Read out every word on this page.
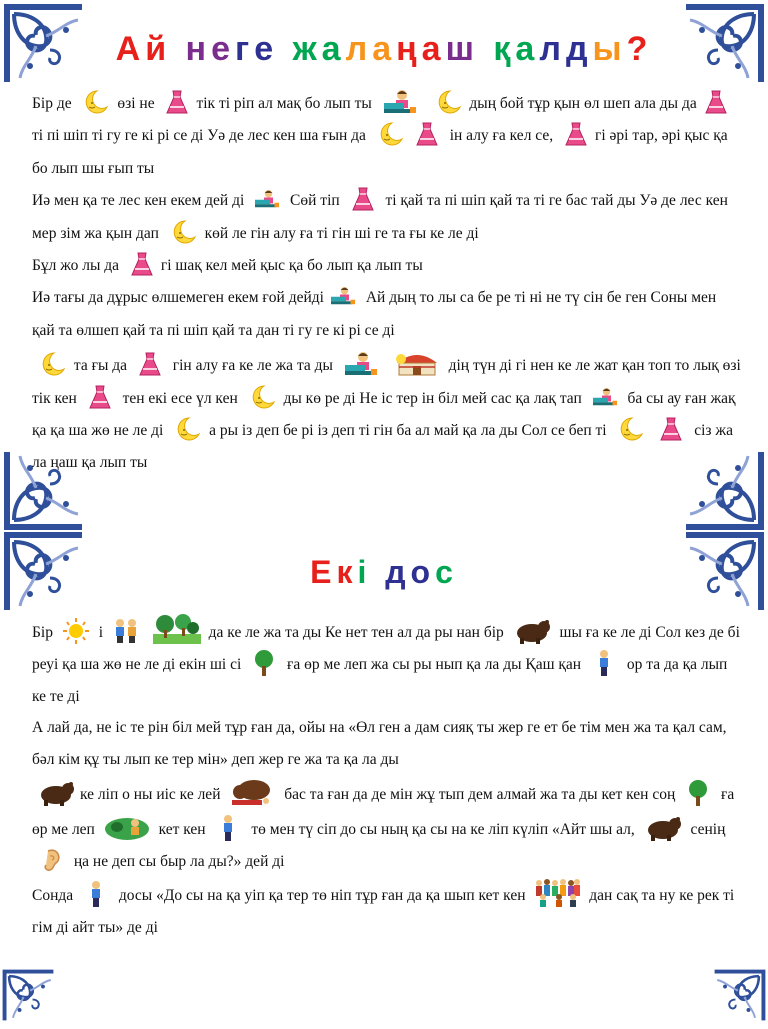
Ай неге жалаңаш қалды?

Бір де  өзі не тік ті ріп ал мақ бо лып ты	дың бой тұр қын өл шеп ала ды да ті пі шіп ті гу ге кі рі се ді Уә де лес кен ша ғын да	ін алу ға кел се, гі әрі тар, әрі қыс қа бо лып шы ғып ты

Иә мен қа те лес кен екем дей ді  Сөй тіп  ті қай та пі шіп қай та ті ге бас тай ды Уә де лес кен мер зім жа қын дап  көй ле гін алу ға ті гін ші ге та ғы ке ле ді

Бұл жо лы да гі шақ кел мей қыс қа бо лып қа лып ты

Иә тағы да дұрыс өлшемеген екем ғой дейді Ай дың то лы са бе ре ті ні не тү сін бе ген Соны мен қай та өлшеп қай та пі шіп қай та дан ті гу ге кі рі се ді

та ғы да  гін алу ға ке ле жа та ды	дің түн ді гі нен ке ле жат қан топ то лық өзі тік кен  тен екі есе үл кен  ды кө ре ді Не іс тер ін біл мей сас қа лақ тап  ба сы ау ған жақ қа қа ша жө не ле ді  а ры із деп бе рі із деп ті гін ба ал май қа ла ды Сол се беп ті	сіз жа ла ңаш қа лып ты

Екі дос

Бір  і	да ке ле жа та ды Ке нет тен ал да ры нан бір	шы ға ке ле ді Сол кез де бі реуі қа ша жө не ле ді екін ші сі  ға өр ме леп жа сы ры нып қа ла ды Қаш қан  ор та да қа лып ке те ді

А лай да, не іс те рін біл мей тұр ған да, ойы на «Өл ген а дам сияқ ты жер ге ет бе тім мен жа та қал сам, бәл кім құ ты лып ке тер мін» деп жер ге жа та қа ла ды

ке ліп о ны иіс ке лей	бас та ған да де мін жұ тып дем алмай жа та ды кет кен соң  ға өр ме леп	кет кен  тө мен тү сіп до сы ның қа сы на ке ліп күліп «Айт шы ал,	сенің  ңа не деп сы быр ла ды?» дей ді

Сонда  досы «До сы на қа уіп қа тер тө ніп тұр ған да қа шып кет кен	дан сақ та ну ке рек ті гім ді айт ты» де ді
